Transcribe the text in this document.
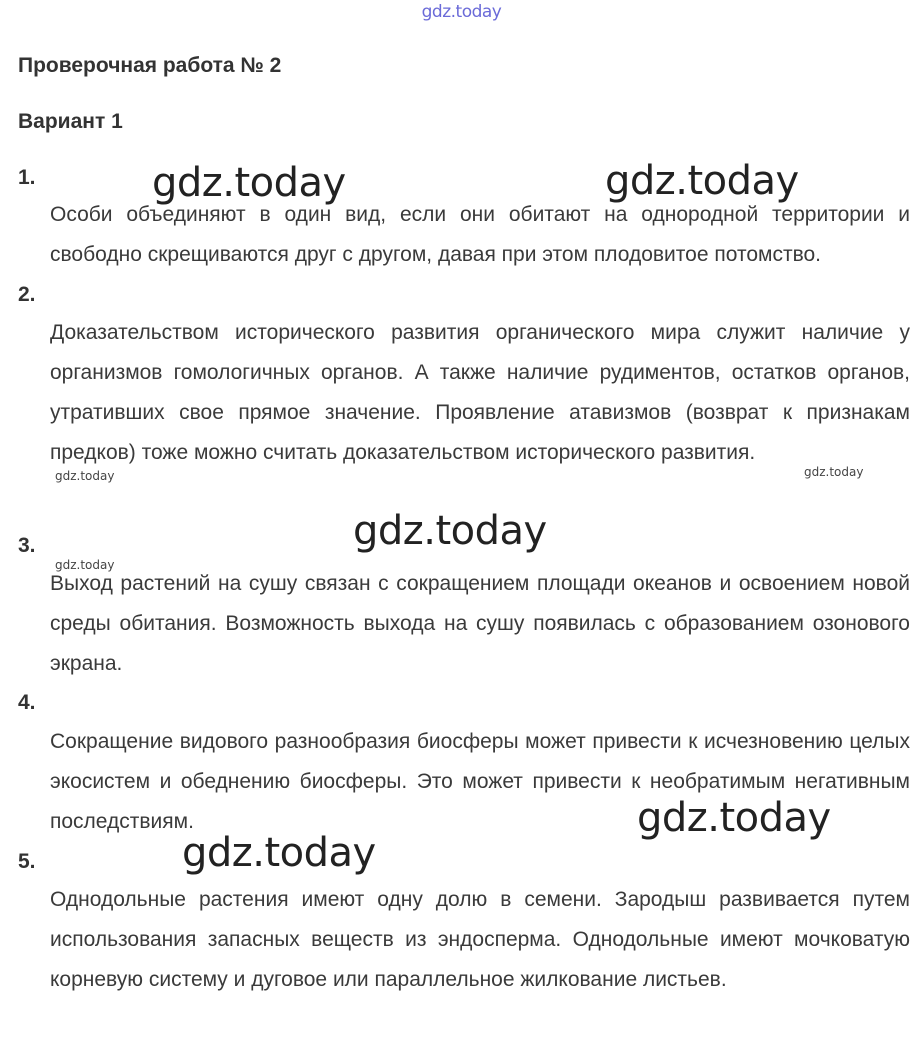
gdz.today
Проверочная работа № 2
Вариант 1
1.
Особи объединяют в один вид, если они обитают на однородной территории и свободно скрещиваются друг с другом, давая при этом плодовитое потомство.
2.
Доказательством исторического развития органического мира служит наличие у организмов гомологичных органов. А также наличие рудиментов, остатков органов, утративших свое прямое значение. Проявление атавизмов (возврат к признакам предков) тоже можно считать доказательством исторического развития.
3.
Выход растений на сушу связан с сокращением площади океанов и освоением новой среды обитания. Возможность выхода на сушу появилась с образованием озонового экрана.
4.
Сокращение видового разнообразия биосферы может привести к исчезновению целых экосистем и обеднению биосферы. Это может привести к необратимым негативным последствиям.
5.
Однодольные растения имеют одну долю в семени. Зародыш развивается путем использования запасных веществ из эндосперма. Однодольные имеют мочковатую корневую систему и дуговое или параллельное жилкование листьев.
gdz.today	gdz.today
gdz.today
gdz.today
gdz.today
gdz.today	gdz.today
gdz.today
